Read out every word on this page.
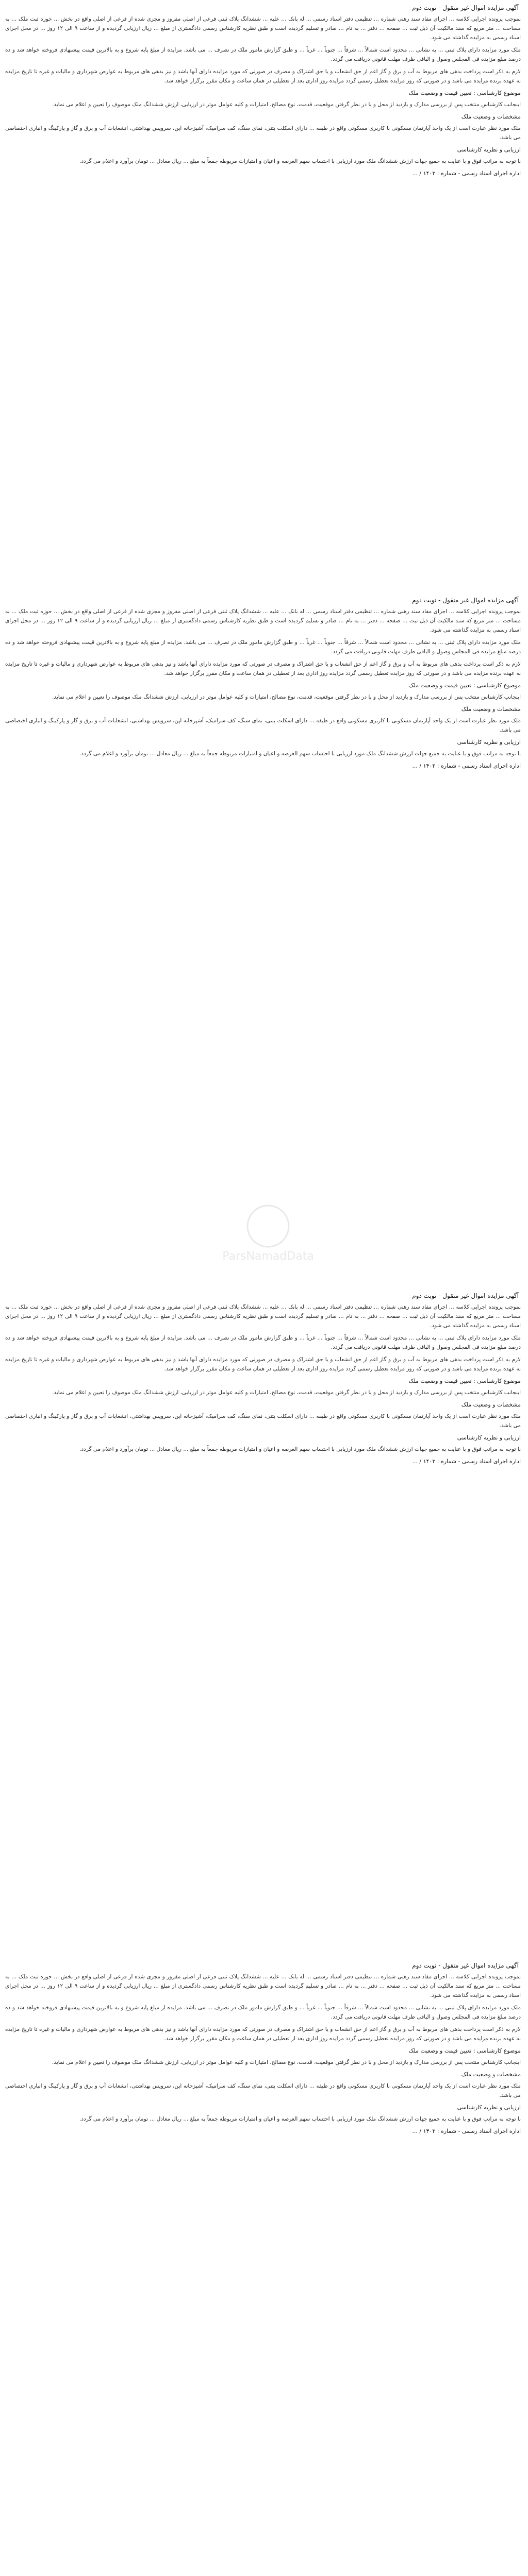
آگهی مزایده اموال غیر منقول - نوبت دوم

بموجب پرونده اجرایی کلاسه ... اجرای مفاد سند رهنی شماره ... تنظیمی دفتر اسناد رسمی ... له بانک ... علیه ... ششدانگ پلاک ثبتی فرعی از اصلی مفروز و مجزی شده از فرعی از اصلی واقع در بخش ... حوزه ثبت ملک ... به مساحت ... متر مربع که سند مالکیت آن ذیل ثبت ... صفحه ... دفتر ... به نام ... صادر و تسلیم گردیده است و طبق نظریه کارشناس رسمی دادگستری از مبلغ ... ریال ارزیابی گردیده و از ساعت ۹ الی ۱۲ روز ... در محل اجرای اسناد رسمی به مزایده گذاشته می شود.

ملک مورد مزایده دارای پلاک ثبتی ... به نشانی ... محدود است شمالاً ... شرقاً ... جنوباً ... غرباً ... و طبق گزارش مامور ملک در تصرف ... می باشد. مزایده از مبلغ پایه شروع و به بالاترین قیمت پیشنهادی فروخته خواهد شد و ده درصد مبلغ مزایده فی المجلس وصول و الباقی ظرف مهلت قانونی دریافت می گردد.

لازم به ذکر است پرداخت بدهی های مربوط به آب و برق و گاز اعم از حق انشعاب و یا حق اشتراک و مصرف در صورتی که مورد مزایده دارای آنها باشد و نیز بدهی های مربوط به عوارض شهرداری و مالیات و غیره تا تاریخ مزایده به عهده برنده مزایده می باشد و در صورتی که روز مزایده تعطیل رسمی گردد مزایده روز اداری بعد از تعطیلی در همان ساعت و مکان مقرر برگزار خواهد شد.

موضوع کارشناسی : تعیین قیمت و وضعیت ملک

اینجانب کارشناس منتخب پس از بررسی مدارک و بازدید از محل و با در نظر گرفتن موقعیت، قدمت، نوع مصالح، امتیازات و کلیه عوامل موثر در ارزیابی، ارزش ششدانگ ملک موصوف را تعیین و اعلام می نماید.

مشخصات و وضعیت ملک

ملک مورد نظر عبارت است از یک واحد آپارتمان مسکونی با کاربری مسکونی واقع در طبقه ... دارای اسکلت بتنی، نمای سنگ، کف سرامیک، آشپزخانه اپن، سرویس بهداشتی، انشعابات آب و برق و گاز و پارکینگ و انباری اختصاصی می باشد.

ارزیابی و نظریه کارشناسی

با توجه به مراتب فوق و با عنایت به جمیع جهات ارزش ششدانگ ملک مورد ارزیابی با احتساب سهم العرصه و اعیان و امتیازات مربوطه جمعاً به مبلغ ... ریال معادل ... تومان برآورد و اعلام می گردد.

اداره اجرای اسناد رسمی - شماره : ۱۴۰۳ / ...
آگهی مزایده اموال غیر منقول - نوبت دوم

بموجب پرونده اجرایی کلاسه ... اجرای مفاد سند رهنی شماره ... تنظیمی دفتر اسناد رسمی ... له بانک ... علیه ... ششدانگ پلاک ثبتی فرعی از اصلی مفروز و مجزی شده از فرعی از اصلی واقع در بخش ... حوزه ثبت ملک ... به مساحت ... متر مربع که سند مالکیت آن ذیل ثبت ... صفحه ... دفتر ... به نام ... صادر و تسلیم گردیده است و طبق نظریه کارشناس رسمی دادگستری از مبلغ ... ریال ارزیابی گردیده و از ساعت ۹ الی ۱۲ روز ... در محل اجرای اسناد رسمی به مزایده گذاشته می شود.

ملک مورد مزایده دارای پلاک ثبتی ... به نشانی ... محدود است شمالاً ... شرقاً ... جنوباً ... غرباً ... و طبق گزارش مامور ملک در تصرف ... می باشد. مزایده از مبلغ پایه شروع و به بالاترین قیمت پیشنهادی فروخته خواهد شد و ده درصد مبلغ مزایده فی المجلس وصول و الباقی ظرف مهلت قانونی دریافت می گردد.

لازم به ذکر است پرداخت بدهی های مربوط به آب و برق و گاز اعم از حق انشعاب و یا حق اشتراک و مصرف در صورتی که مورد مزایده دارای آنها باشد و نیز بدهی های مربوط به عوارض شهرداری و مالیات و غیره تا تاریخ مزایده به عهده برنده مزایده می باشد و در صورتی که روز مزایده تعطیل رسمی گردد مزایده روز اداری بعد از تعطیلی در همان ساعت و مکان مقرر برگزار خواهد شد.

موضوع کارشناسی : تعیین قیمت و وضعیت ملک

اینجانب کارشناس منتخب پس از بررسی مدارک و بازدید از محل و با در نظر گرفتن موقعیت، قدمت، نوع مصالح، امتیازات و کلیه عوامل موثر در ارزیابی، ارزش ششدانگ ملک موصوف را تعیین و اعلام می نماید.

مشخصات و وضعیت ملک

ملک مورد نظر عبارت است از یک واحد آپارتمان مسکونی با کاربری مسکونی واقع در طبقه ... دارای اسکلت بتنی، نمای سنگ، کف سرامیک، آشپزخانه اپن، سرویس بهداشتی، انشعابات آب و برق و گاز و پارکینگ و انباری اختصاصی می باشد.

ارزیابی و نظریه کارشناسی

با توجه به مراتب فوق و با عنایت به جمیع جهات ارزش ششدانگ ملک مورد ارزیابی با احتساب سهم العرصه و اعیان و امتیازات مربوطه جمعاً به مبلغ ... ریال معادل ... تومان برآورد و اعلام می گردد.

اداره اجرای اسناد رسمی - شماره : ۱۴۰۳ / ...
ParsNamadData
آگهی مزایده اموال غیر منقول - نوبت دوم

بموجب پرونده اجرایی کلاسه ... اجرای مفاد سند رهنی شماره ... تنظیمی دفتر اسناد رسمی ... له بانک ... علیه ... ششدانگ پلاک ثبتی فرعی از اصلی مفروز و مجزی شده از فرعی از اصلی واقع در بخش ... حوزه ثبت ملک ... به مساحت ... متر مربع که سند مالکیت آن ذیل ثبت ... صفحه ... دفتر ... به نام ... صادر و تسلیم گردیده است و طبق نظریه کارشناس رسمی دادگستری از مبلغ ... ریال ارزیابی گردیده و از ساعت ۹ الی ۱۲ روز ... در محل اجرای اسناد رسمی به مزایده گذاشته می شود.

ملک مورد مزایده دارای پلاک ثبتی ... به نشانی ... محدود است شمالاً ... شرقاً ... جنوباً ... غرباً ... و طبق گزارش مامور ملک در تصرف ... می باشد. مزایده از مبلغ پایه شروع و به بالاترین قیمت پیشنهادی فروخته خواهد شد و ده درصد مبلغ مزایده فی المجلس وصول و الباقی ظرف مهلت قانونی دریافت می گردد.

لازم به ذکر است پرداخت بدهی های مربوط به آب و برق و گاز اعم از حق انشعاب و یا حق اشتراک و مصرف در صورتی که مورد مزایده دارای آنها باشد و نیز بدهی های مربوط به عوارض شهرداری و مالیات و غیره تا تاریخ مزایده به عهده برنده مزایده می باشد و در صورتی که روز مزایده تعطیل رسمی گردد مزایده روز اداری بعد از تعطیلی در همان ساعت و مکان مقرر برگزار خواهد شد.

موضوع کارشناسی : تعیین قیمت و وضعیت ملک

اینجانب کارشناس منتخب پس از بررسی مدارک و بازدید از محل و با در نظر گرفتن موقعیت، قدمت، نوع مصالح، امتیازات و کلیه عوامل موثر در ارزیابی، ارزش ششدانگ ملک موصوف را تعیین و اعلام می نماید.

مشخصات و وضعیت ملک

ملک مورد نظر عبارت است از یک واحد آپارتمان مسکونی با کاربری مسکونی واقع در طبقه ... دارای اسکلت بتنی، نمای سنگ، کف سرامیک، آشپزخانه اپن، سرویس بهداشتی، انشعابات آب و برق و گاز و پارکینگ و انباری اختصاصی می باشد.

ارزیابی و نظریه کارشناسی

با توجه به مراتب فوق و با عنایت به جمیع جهات ارزش ششدانگ ملک مورد ارزیابی با احتساب سهم العرصه و اعیان و امتیازات مربوطه جمعاً به مبلغ ... ریال معادل ... تومان برآورد و اعلام می گردد.

اداره اجرای اسناد رسمی - شماره : ۱۴۰۳ / ...
آگهی مزایده اموال غیر منقول - نوبت دوم

بموجب پرونده اجرایی کلاسه ... اجرای مفاد سند رهنی شماره ... تنظیمی دفتر اسناد رسمی ... له بانک ... علیه ... ششدانگ پلاک ثبتی فرعی از اصلی مفروز و مجزی شده از فرعی از اصلی واقع در بخش ... حوزه ثبت ملک ... به مساحت ... متر مربع که سند مالکیت آن ذیل ثبت ... صفحه ... دفتر ... به نام ... صادر و تسلیم گردیده است و طبق نظریه کارشناس رسمی دادگستری از مبلغ ... ریال ارزیابی گردیده و از ساعت ۹ الی ۱۲ روز ... در محل اجرای اسناد رسمی به مزایده گذاشته می شود.

ملک مورد مزایده دارای پلاک ثبتی ... به نشانی ... محدود است شمالاً ... شرقاً ... جنوباً ... غرباً ... و طبق گزارش مامور ملک در تصرف ... می باشد. مزایده از مبلغ پایه شروع و به بالاترین قیمت پیشنهادی فروخته خواهد شد و ده درصد مبلغ مزایده فی المجلس وصول و الباقی ظرف مهلت قانونی دریافت می گردد.

لازم به ذکر است پرداخت بدهی های مربوط به آب و برق و گاز اعم از حق انشعاب و یا حق اشتراک و مصرف در صورتی که مورد مزایده دارای آنها باشد و نیز بدهی های مربوط به عوارض شهرداری و مالیات و غیره تا تاریخ مزایده به عهده برنده مزایده می باشد و در صورتی که روز مزایده تعطیل رسمی گردد مزایده روز اداری بعد از تعطیلی در همان ساعت و مکان مقرر برگزار خواهد شد.

موضوع کارشناسی : تعیین قیمت و وضعیت ملک

اینجانب کارشناس منتخب پس از بررسی مدارک و بازدید از محل و با در نظر گرفتن موقعیت، قدمت، نوع مصالح، امتیازات و کلیه عوامل موثر در ارزیابی، ارزش ششدانگ ملک موصوف را تعیین و اعلام می نماید.

مشخصات و وضعیت ملک

ملک مورد نظر عبارت است از یک واحد آپارتمان مسکونی با کاربری مسکونی واقع در طبقه ... دارای اسکلت بتنی، نمای سنگ، کف سرامیک، آشپزخانه اپن، سرویس بهداشتی، انشعابات آب و برق و گاز و پارکینگ و انباری اختصاصی می باشد.

ارزیابی و نظریه کارشناسی

با توجه به مراتب فوق و با عنایت به جمیع جهات ارزش ششدانگ ملک مورد ارزیابی با احتساب سهم العرصه و اعیان و امتیازات مربوطه جمعاً به مبلغ ... ریال معادل ... تومان برآورد و اعلام می گردد.

اداره اجرای اسناد رسمی - شماره : ۱۴۰۳ / ...
